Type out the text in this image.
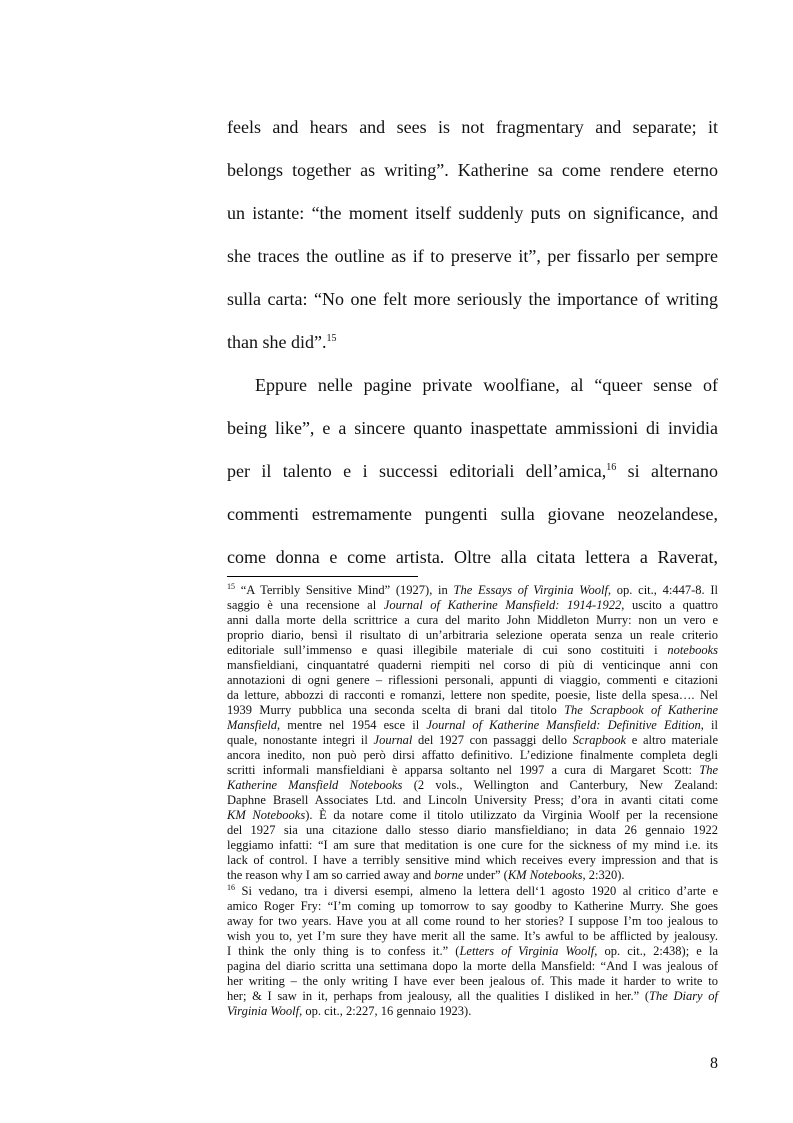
feels and hears and sees is not fragmentary and separate; it
belongs together as writing”. Katherine sa come rendere eterno
un istante: “the moment itself suddenly puts on significance, and
she traces the outline as if to preserve it”, per fissarlo per sempre
sulla carta: “No one felt more seriously the importance of writing
than she did”.$^{15}$
Eppure nelle pagine private woolfiane, al “queer sense of
being like”, e a sincere quanto inaspettate ammissioni di invidia
per il talento e i successi editoriali dell’amica,$^{16}$ si alternano
commenti estremamente pungenti sulla giovane neozelandese,
come donna e come artista. Oltre alla citata lettera a Raverat,
$^{15}$ “A Terribly Sensitive Mind” (1927), in The Essays of Virginia Woolf, op. cit., 4:447-8. Il
saggio è una recensione al Journal of Katherine Mansfield: 1914-1922, uscito a quattro
anni dalla morte della scrittrice a cura del marito John Middleton Murry: non un vero e
proprio diario, bensì il risultato di un’arbitraria selezione operata senza un reale criterio
editoriale sull’immenso e quasi illegibile materiale di cui sono costituiti i notebooks
mansfieldiani, cinquantatré quaderni riempiti nel corso di più di venticinque anni con
annotazioni di ogni genere – riflessioni personali, appunti di viaggio, commenti e citazioni
da letture, abbozzi di racconti e romanzi, lettere non spedite, poesie, liste della spesa…. Nel
1939 Murry pubblica una seconda scelta di brani dal titolo The Scrapbook of Katherine
Mansfield, mentre nel 1954 esce il Journal of Katherine Mansfield: Definitive Edition, il
quale, nonostante integri il Journal del 1927 con passaggi dello Scrapbook e altro materiale
ancora inedito, non può però dirsi affatto definitivo. L’edizione finalmente completa degli
scritti informali mansfieldiani è apparsa soltanto nel 1997 a cura di Margaret Scott: The
Katherine Mansfield Notebooks (2 vols., Wellington and Canterbury, New Zealand:
Daphne Brasell Associates Ltd. and Lincoln University Press; d’ora in avanti citati come
KM Notebooks). È da notare come il titolo utilizzato da Virginia Woolf per la recensione
del 1927 sia una citazione dallo stesso diario mansfieldiano; in data 26 gennaio 1922
leggiamo infatti: “I am sure that meditation is one cure for the sickness of my mind i.e. its
lack of control. I have a terribly sensitive mind which receives every impression and that is
the reason why I am so carried away and borne under” (KM Notebooks, 2:320).
$^{16}$ Si vedano, tra i diversi esempi, almeno la lettera dell‘1 agosto 1920 al critico d’arte e
amico Roger Fry: “I’m coming up tomorrow to say goodby to Katherine Murry. She goes
away for two years. Have you at all come round to her stories? I suppose I’m too jealous to
wish you to, yet I’m sure they have merit all the same. It’s awful to be afflicted by jealousy.
I think the only thing is to confess it.” (Letters of Virginia Woolf, op. cit., 2:438); e la
pagina del diario scritta una settimana dopo la morte della Mansfield: “And I was jealous of
her writing – the only writing I have ever been jealous of. This made it harder to write to
her; & I saw in it, perhaps from jealousy, all the qualities I disliked in her.” (The Diary of
Virginia Woolf, op. cit., 2:227, 16 gennaio 1923).
8
